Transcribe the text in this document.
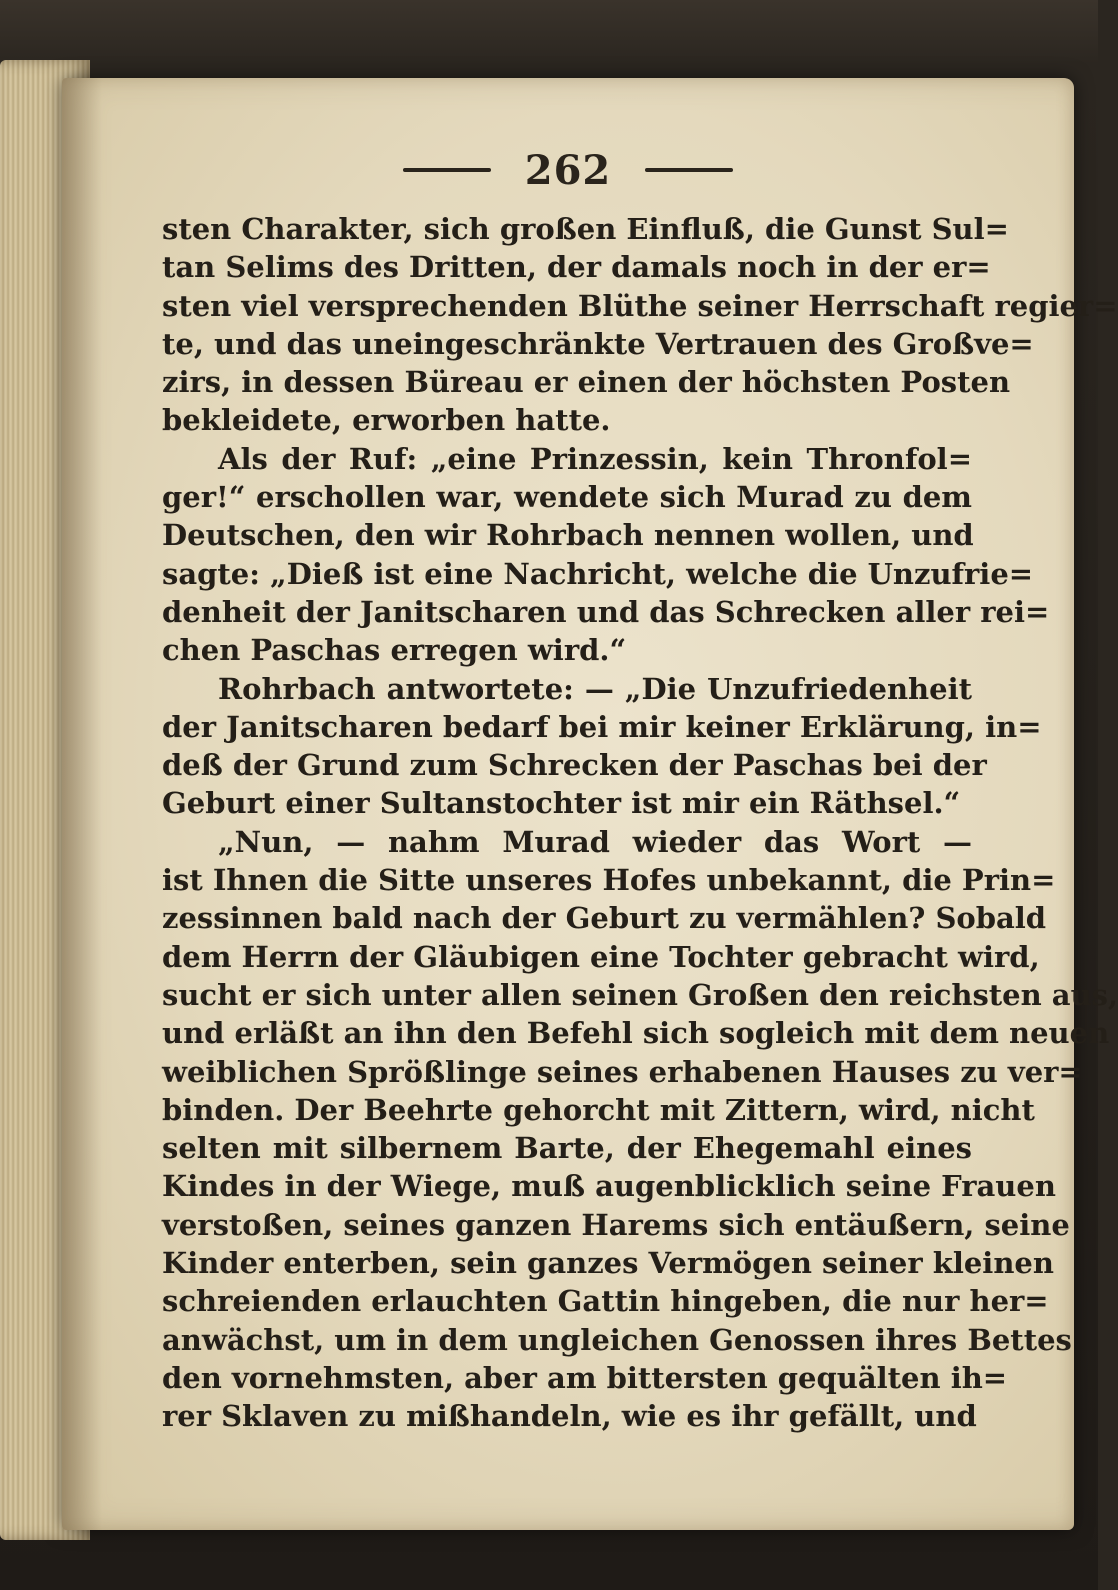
262
sten Charakter, sich großen Einfluß, die Gunst Sul=
tan Selims des Dritten, der damals noch in der er=
sten viel versprechenden Blüthe seiner Herrschaft regier=
te, und das uneingeschränkte Vertrauen des Großve=
zirs, in dessen Büreau er einen der höchsten Posten
bekleidete, erworben hatte.
Als der Ruf: „eine Prinzessin, kein Thronfol=
ger!“ erschollen war, wendete sich Murad zu dem
Deutschen, den wir Rohrbach nennen wollen, und
sagte: „Dieß ist eine Nachricht, welche die Unzufrie=
denheit der Janitscharen und das Schrecken aller rei=
chen Paschas erregen wird.“
Rohrbach antwortete: — „Die Unzufriedenheit
der Janitscharen bedarf bei mir keiner Erklärung, in=
deß der Grund zum Schrecken der Paschas bei der
Geburt einer Sultanstochter ist mir ein Räthsel.“
„Nun, — nahm Murad wieder das Wort —
ist Ihnen die Sitte unseres Hofes unbekannt, die Prin=
zessinnen bald nach der Geburt zu vermählen? Sobald
dem Herrn der Gläubigen eine Tochter gebracht wird,
sucht er sich unter allen seinen Großen den reichsten aus,
und erläßt an ihn den Befehl sich sogleich mit dem neuen
weiblichen Sprößlinge seines erhabenen Hauses zu ver=
binden. Der Beehrte gehorcht mit Zittern, wird, nicht
selten mit silbernem Barte, der Ehegemahl eines
Kindes in der Wiege, muß augenblicklich seine Frauen
verstoßen, seines ganzen Harems sich entäußern, seine
Kinder enterben, sein ganzes Vermögen seiner kleinen
schreienden erlauchten Gattin hingeben, die nur her=
anwächst, um in dem ungleichen Genossen ihres Bettes
den vornehmsten, aber am bittersten gequälten ih=
rer Sklaven zu mißhandeln, wie es ihr gefällt, und
